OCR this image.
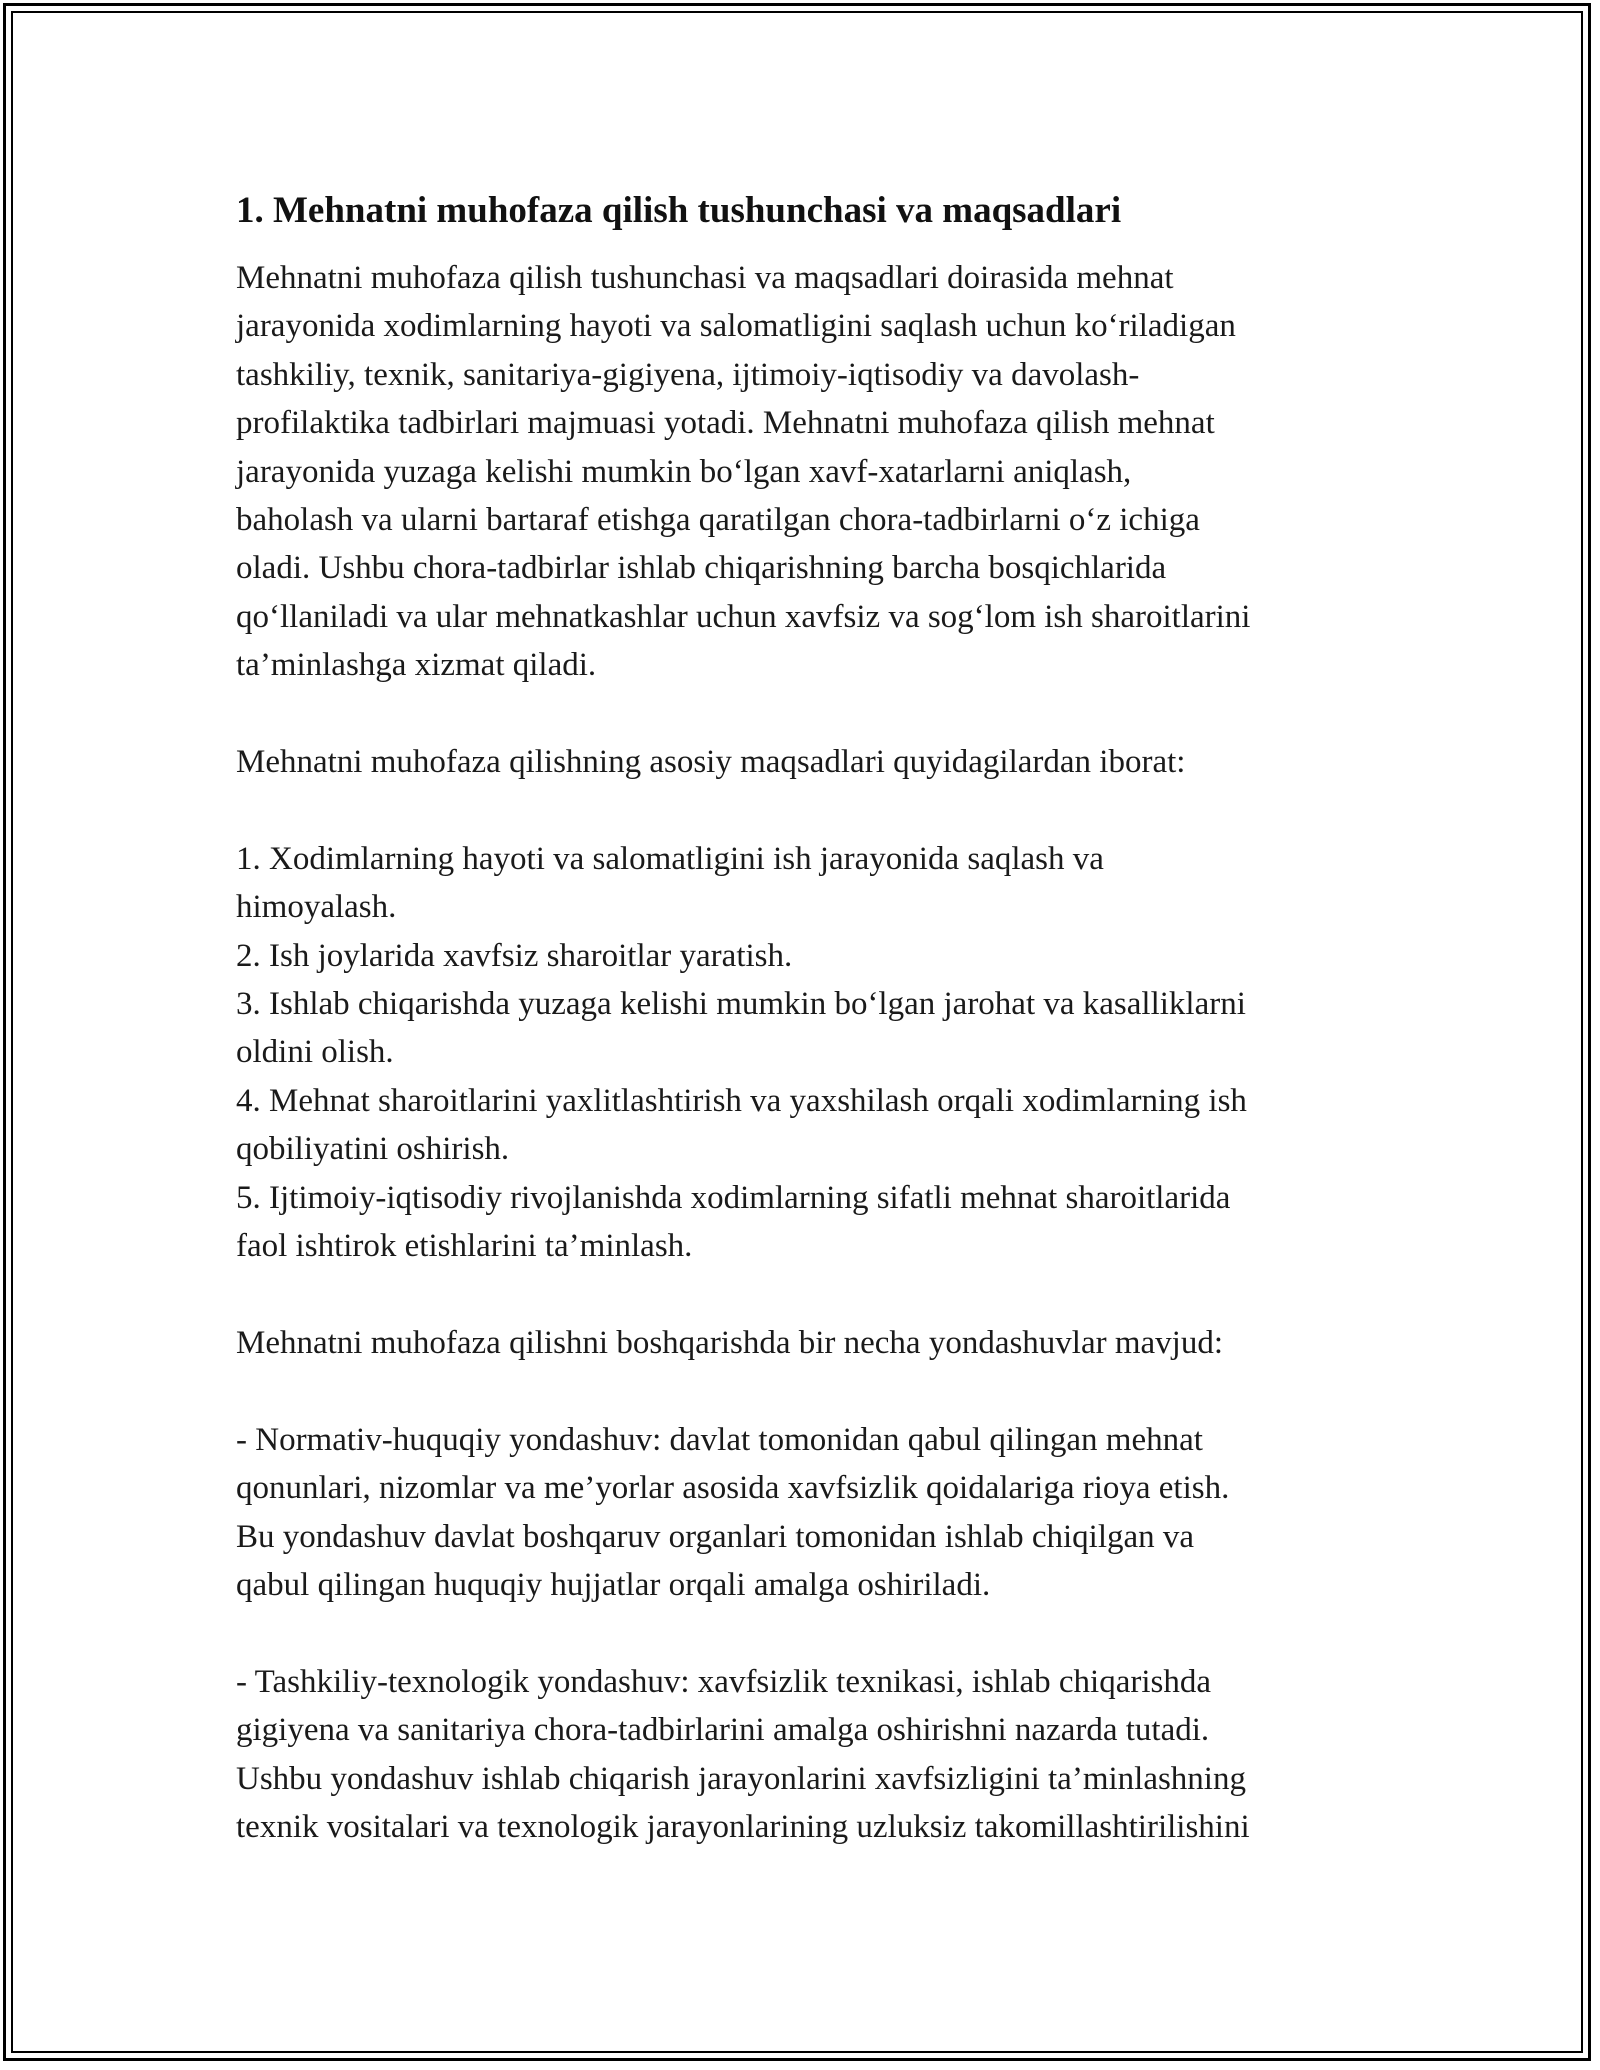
1. Mehnatni muhofaza qilish tushunchasi va maqsadlari

Mehnatni muhofaza qilish tushunchasi va maqsadlari doirasida mehnat
jarayonida xodimlarning hayoti va salomatligini saqlash uchun ko‘riladigan
tashkiliy, texnik, sanitariya-gigiyena, ijtimoiy-iqtisodiy va davolash-
profilaktika tadbirlari majmuasi yotadi. Mehnatni muhofaza qilish mehnat
jarayonida yuzaga kelishi mumkin bo‘lgan xavf-xatarlarni aniqlash,
baholash va ularni bartaraf etishga qaratilgan chora-tadbirlarni o‘z ichiga
oladi. Ushbu chora-tadbirlar ishlab chiqarishning barcha bosqichlarida
qo‘llaniladi va ular mehnatkashlar uchun xavfsiz va sog‘lom ish sharoitlarini
ta’minlashga xizmat qiladi.

Mehnatni muhofaza qilishning asosiy maqsadlari quyidagilardan iborat:

1. Xodimlarning hayoti va salomatligini ish jarayonida saqlash va
himoyalash.

2. Ish joylarida xavfsiz sharoitlar yaratish.

3. Ishlab chiqarishda yuzaga kelishi mumkin bo‘lgan jarohat va kasalliklarni
oldini olish.

4. Mehnat sharoitlarini yaxlitlashtirish va yaxshilash orqali xodimlarning ish
qobiliyatini oshirish.

5. Ijtimoiy-iqtisodiy rivojlanishda xodimlarning sifatli mehnat sharoitlarida
faol ishtirok etishlarini ta’minlash.

Mehnatni muhofaza qilishni boshqarishda bir necha yondashuvlar mavjud:

- Normativ-huquqiy yondashuv: davlat tomonidan qabul qilingan mehnat
qonunlari, nizomlar va me’yorlar asosida xavfsizlik qoidalariga rioya etish.
Bu yondashuv davlat boshqaruv organlari tomonidan ishlab chiqilgan va
qabul qilingan huquqiy hujjatlar orqali amalga oshiriladi.

- Tashkiliy-texnologik yondashuv: xavfsizlik texnikasi, ishlab chiqarishda
gigiyena va sanitariya chora-tadbirlarini amalga oshirishni nazarda tutadi.
Ushbu yondashuv ishlab chiqarish jarayonlarini xavfsizligini ta’minlashning
texnik vositalari va texnologik jarayonlarining uzluksiz takomillashtirilishini
